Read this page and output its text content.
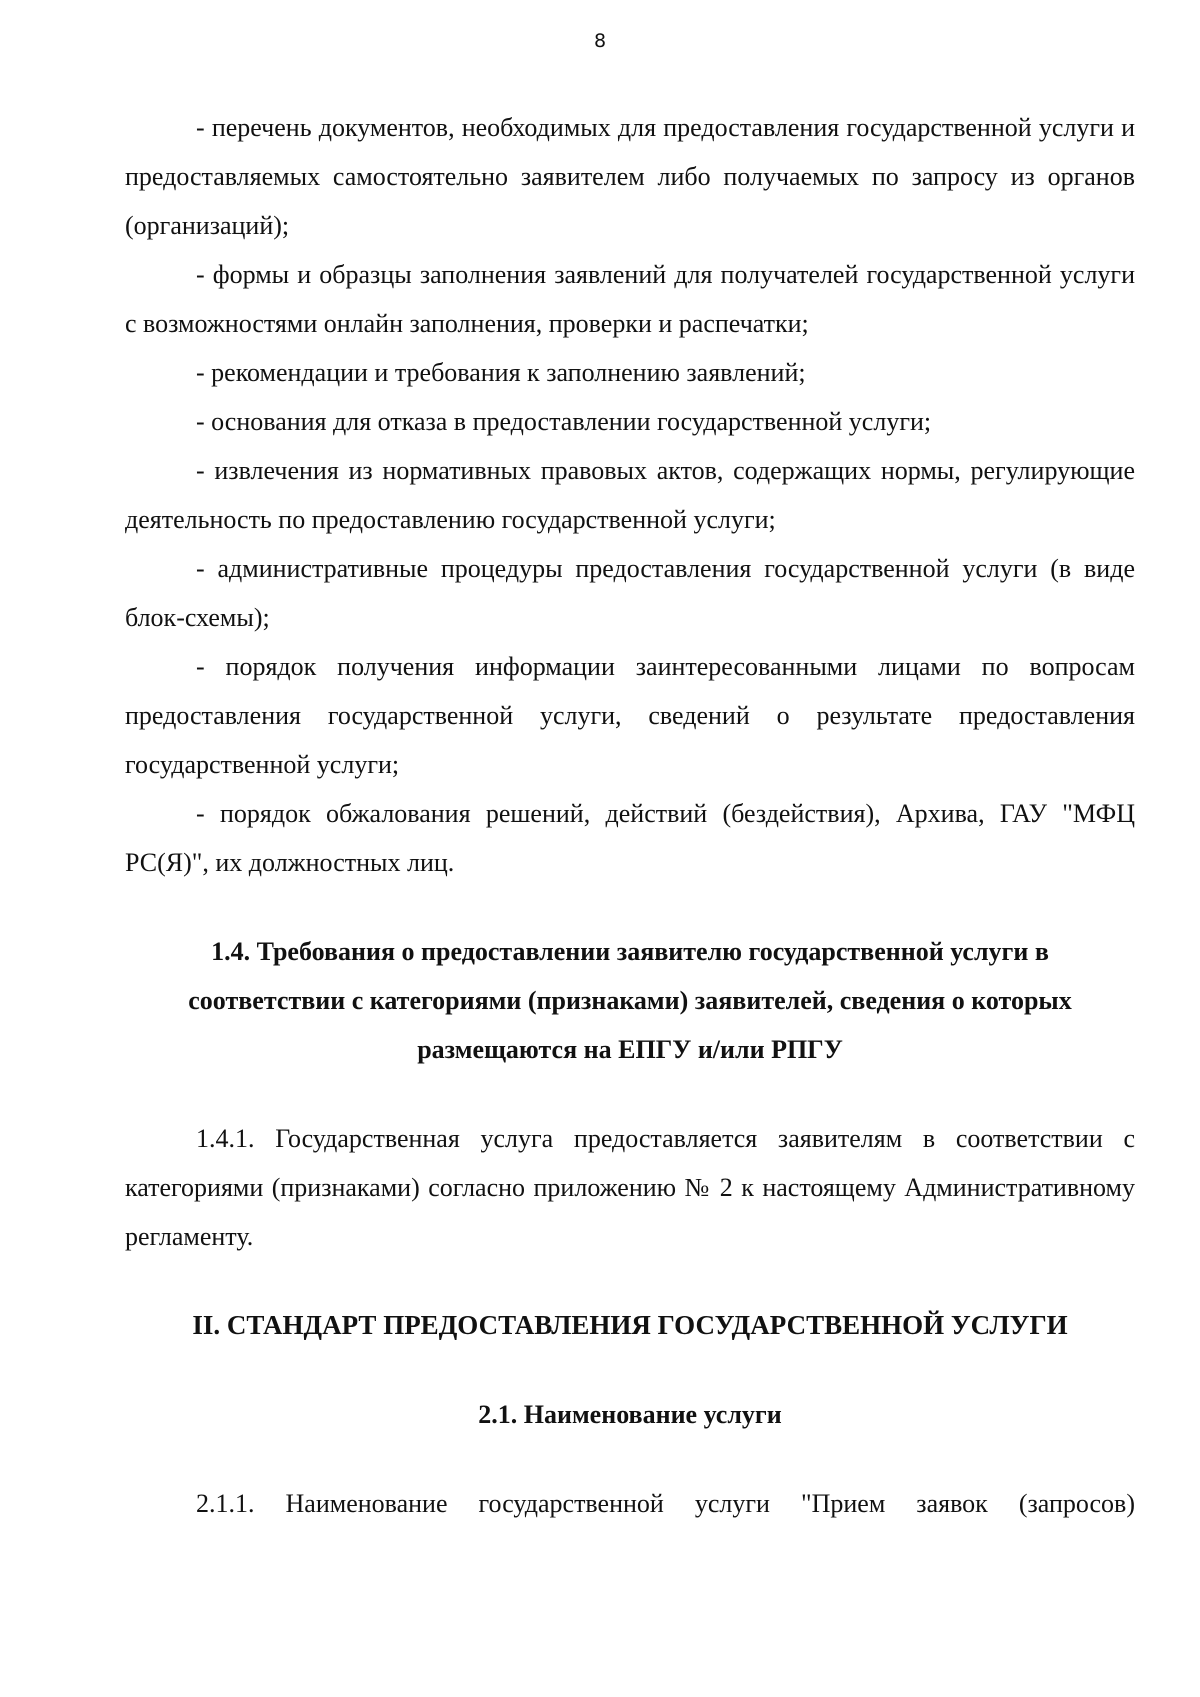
8

- перечень документов, необходимых для предоставления государственной услуги и предоставляемых самостоятельно заявителем либо получаемых по запросу из органов (организаций);

- формы и образцы заполнения заявлений для получателей государственной услуги с возможностями онлайн заполнения, проверки и распечатки;

- рекомендации и требования к заполнению заявлений;

- основания для отказа в предоставлении государственной услуги;

- извлечения из нормативных правовых актов, содержащих нормы, регулирующие деятельность по предоставлению государственной услуги;

- административные процедуры предоставления государственной услуги (в виде блок-схемы);

- порядок получения информации заинтересованными лицами по вопросам предоставления государственной услуги, сведений о результате предоставления государственной услуги;

- порядок обжалования решений, действий (бездействия), Архива, ГАУ "МФЦ РС(Я)", их должностных лиц.

1.4. Требования о предоставлении заявителю государственной услуги в соответствии с категориями (признаками) заявителей, сведения о которых размещаются на ЕПГУ и/или РПГУ

1.4.1. Государственная услуга предоставляется заявителям в соответствии с категориями (признаками) согласно приложению № 2 к настоящему Административному регламенту.

II. СТАНДАРТ ПРЕДОСТАВЛЕНИЯ ГОСУДАРСТВЕННОЙ УСЛУГИ

2.1. Наименование услуги

2.1.1. Наименование государственной услуги "Прием заявок (запросов)
